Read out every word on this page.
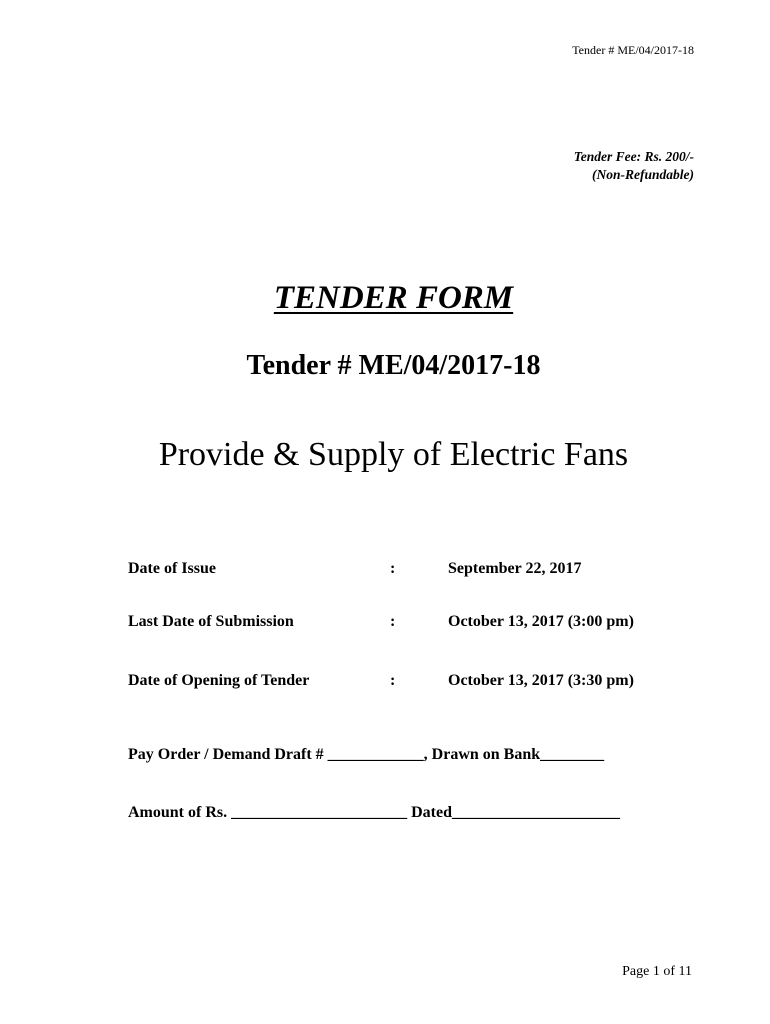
Tender # ME/04/2017-18
Tender Fee: Rs. 200/-
(Non-Refundable)
TENDER FORM
Tender # ME/04/2017-18
Provide & Supply of Electric Fans
Date of Issue	:	September 22, 2017
Last Date of Submission	:	October 13, 2017 (3:00 pm)
Date of Opening of Tender	:	October 13, 2017 (3:30 pm)
Pay Order / Demand Draft # ____________, Drawn on Bank________
Amount of Rs. ______________________ Dated_____________________
Page 1 of 11
